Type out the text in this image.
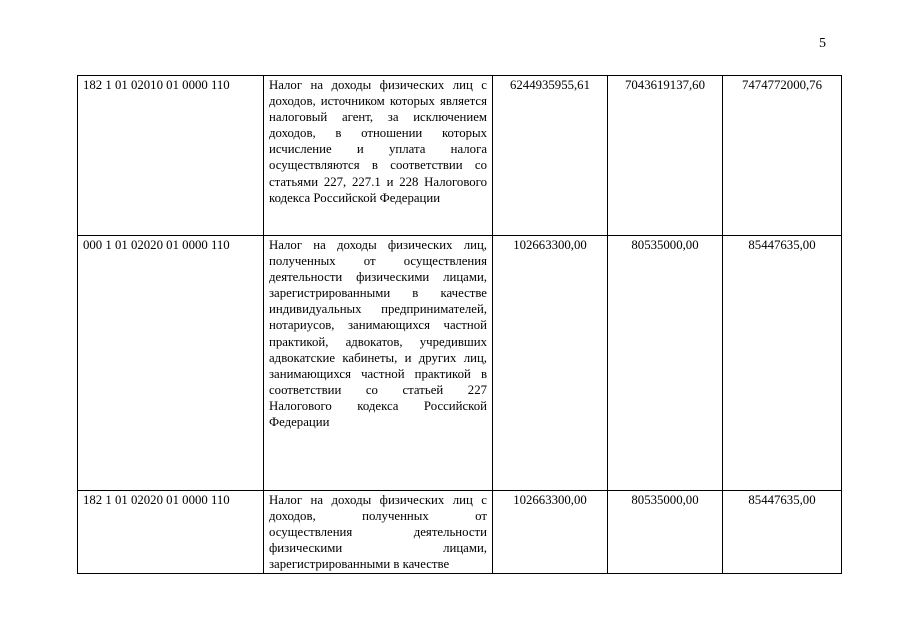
5
182 1 01 02010 01 0000 110	Налог на доходы физических лиц с доходов, источником которых является налоговый агент, за исключением доходов, в отношении которых исчисление и уплата налога осуществляются в соответствии со статьями 227, 227.1 и 228 Налогового кодекса Российской Федерации	6244935955,61	7043619137,60	7474772000,76
000 1 01 02020 01 0000 110	Налог на доходы физических лиц, полученных от осуществления деятельности физическими лицами, зарегистрированными в качестве индивидуальных предпринимателей, нотариусов, занимающихся частной практикой, адвокатов, учредивших адвокатские кабинеты, и других лиц, занимающихся частной практикой в соответствии со статьей 227 Налогового кодекса Российской Федерации	102663300,00	80535000,00	85447635,00
182 1 01 02020 01 0000 110	Налог на доходы физических лиц с доходов, полученных от осуществления деятельности физическими лицами, зарегистрированными в качестве	102663300,00	80535000,00	85447635,00
